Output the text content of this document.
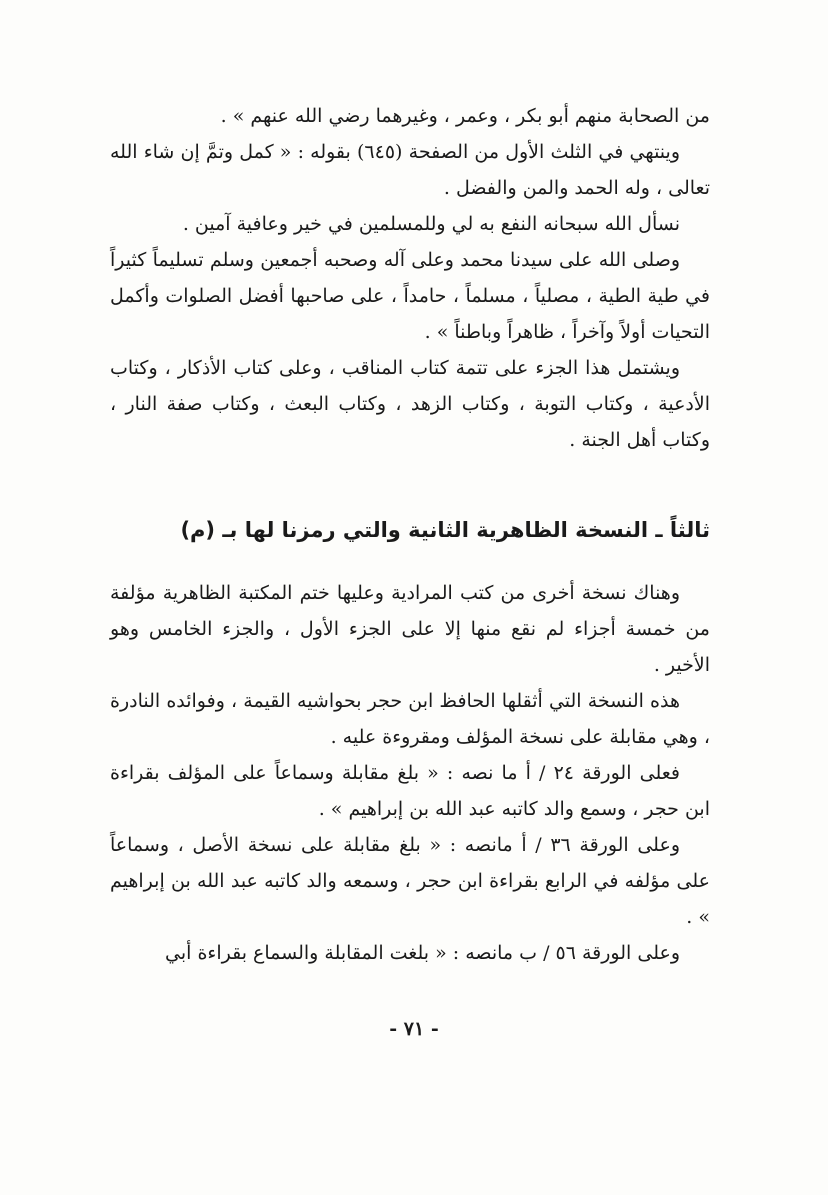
من الصحابة منهم أبو بكر ، وعمر ، وغيرهما رضي الله عنهم » .

وينتهي في الثلث الأول من الصفحة (٦٤٥) بقوله : « كمل وتمَّ إن شاء الله تعالى ، وله الحمد والمن والفضل .

نسأل الله سبحانه النفع به لي وللمسلمين في خير وعافية آمين .

وصلى الله على سيدنا محمد وعلى آله وصحبه أجمعين وسلم تسليماً كثيراً في طية الطية ، مصلياً ، مسلماً ، حامداً ، على صاحبها أفضل الصلوات وأكمل التحيات أولاً وآخراً ، ظاهراً وباطناً » .

ويشتمل هذا الجزء على تتمة كتاب المناقب ، وعلى كتاب الأذكار ، وكتاب الأدعية ، وكتاب التوبة ، وكتاب الزهد ، وكتاب البعث ، وكتاب صفة النار ، وكتاب أهل الجنة .

ثالثاً ـ النسخة الظاهرية الثانية والتي رمزنا لها بـ (م)

وهناك نسخة أخرى من كتب المرادية وعليها ختم المكتبة الظاهرية مؤلفة من خمسة أجزاء لم نقع منها إلا على الجزء الأول ، والجزء الخامس وهو الأخير .

هذه النسخة التي أثقلها الحافظ ابن حجر بحواشيه القيمة ، وفوائده النادرة ، وهي مقابلة على نسخة المؤلف ومقروءة عليه .

فعلى الورقة ٢٤ / أ ما نصه : « بلغ مقابلة وسماعاً على المؤلف بقراءة ابن حجر ، وسمع والد كاتبه عبد الله بن إبراهيم » .

وعلى الورقة ٣٦ / أ مانصه : « بلغ مقابلة على نسخة الأصل ، وسماعاً على مؤلفه في الرابع بقراءة ابن حجر ، وسمعه والد كاتبه عبد الله بن إبراهيم » .

وعلى الورقة ٥٦ / ب مانصه : « بلغت المقابلة والسماع بقراءة أبي

- ٧١ -
